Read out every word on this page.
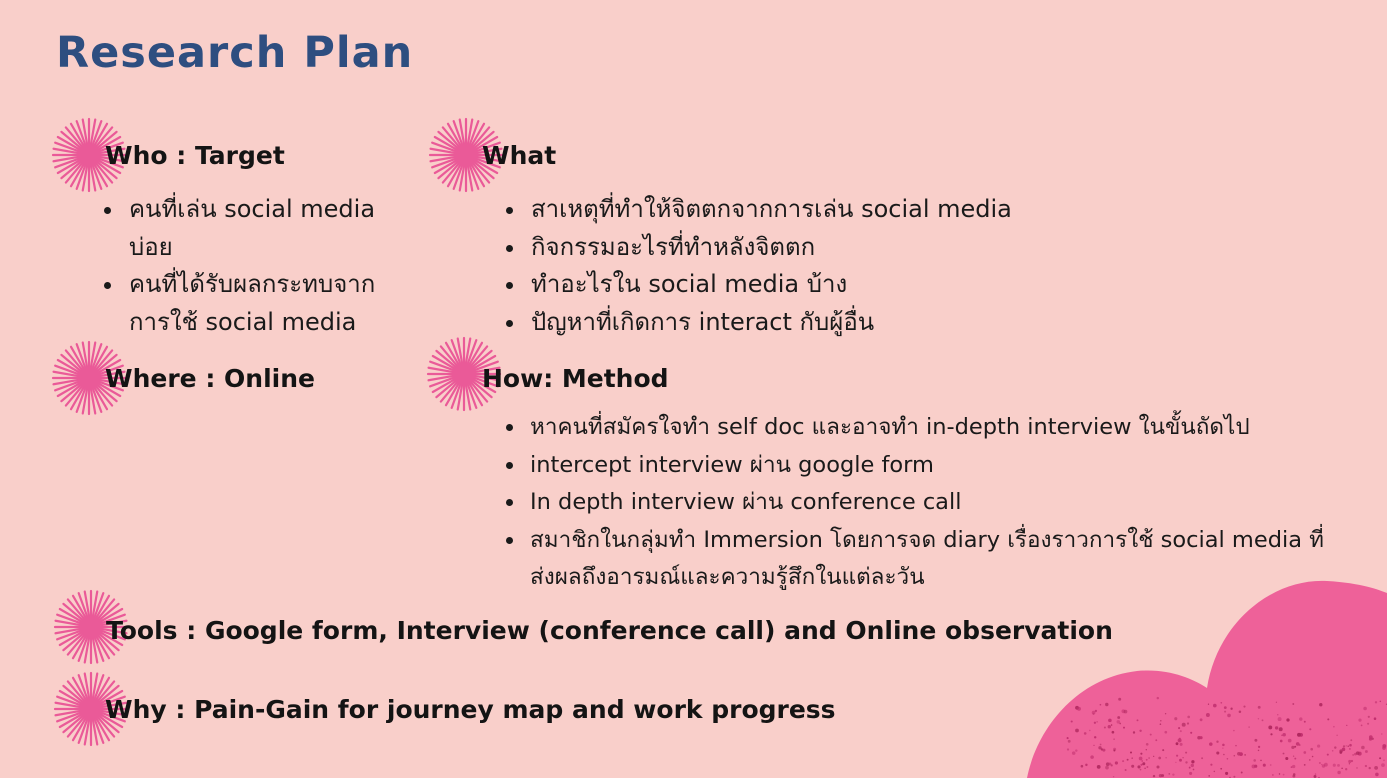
Research Plan
Who : Target
• คนที่เล่น social media บ่อย
• คนที่ได้รับผลกระทบจากการใช้ social media
What
• สาเหตุที่ทำให้จิตตกจากการเล่น social media
• กิจกรรมอะไรที่ทำหลังจิตตก
• ทำอะไรใน social media บ้าง
• ปัญหาที่เกิดการ interact กับผู้อื่น
Where : Online	How: Method
• หาคนที่สมัครใจทำ self doc และอาจทำ in-depth interview ในขั้นถัดไป
• intercept interview ผ่าน google form
• In depth interview ผ่าน conference call
• สมาชิกในกลุ่มทำ Immersion โดยการจด diary เรื่องราวการใช้ social media ที่ส่งผลถึงอารมณ์และความรู้สึกในแต่ละวัน
Tools : Google form, Interview (conference call) and Online observation
Why : Pain-Gain for journey map and work progress
